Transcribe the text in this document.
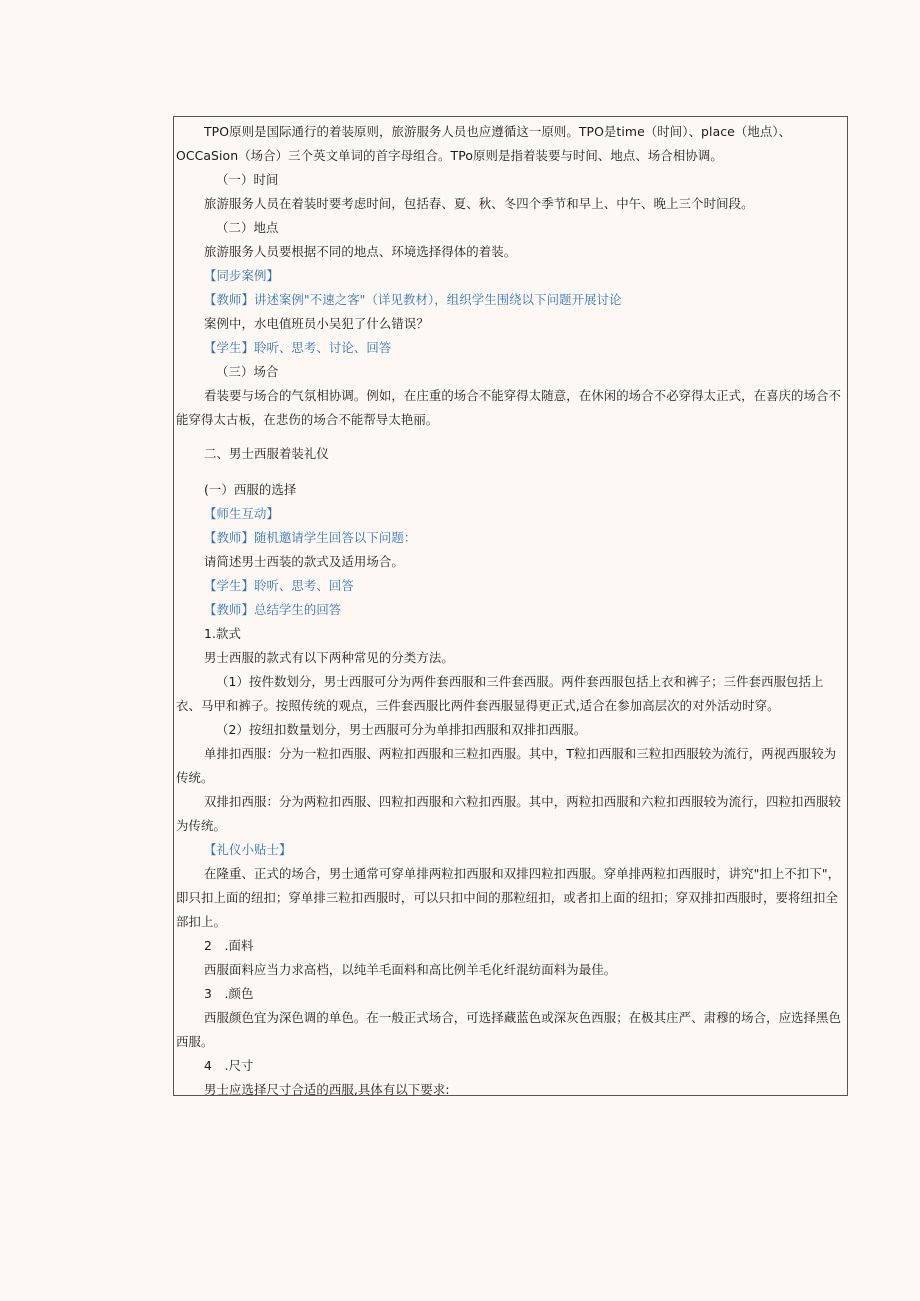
TPO原则是国际通行的着装原则，旅游服务人员也应遵循这一原则。TPO是time（时间）、place（地点）、OCCaSion（场合）三个英文单词的首字母组合。TPo原则是指着装要与时间、地点、场合相协调。

（一）时间

旅游服务人员在着装时要考虑时间，包括春、夏、秋、冬四个季节和早上、中午、晚上三个时间段。

（二）地点

旅游服务人员要根据不同的地点、环境选择得体的着装。

【同步案例】

【教师】讲述案例"不速之客"（详见教材），组织学生围绕以下问题开展讨论

案例中，水电值班员小吴犯了什么错误？

【学生】聆听、思考、讨论、回答

（三）场合

看装要与场合的气氛相协调。例如，在庄重的场合不能穿得太随意，在休闲的场合不必穿得太正式，在喜庆的场合不能穿得太古板，在悲伤的场合不能帮导太艳丽。

二、男士西服着装礼仪

(一）西服的选择

【师生互动】

【教师】随机邀请学生回答以下问题：

请简述男士西装的款式及适用场合。

【学生】聆听、思考、回答

【教师】总结学生的回答

1.款式

男士西服的款式有以下两种常见的分类方法。

（1）按件数划分，男士西服可分为两件套西服和三件套西服。两件套西服包括上衣和裤子；三件套西服包括上衣、马甲和裤子。按照传统的观点，三件套西服比两件套西服显得更正式,适合在参加高层次的对外活动时穿。

（2）按纽扣数量划分，男士西服可分为单排扣西服和双排扣西服。

单排扣西服：分为一粒扣西服、两粒扣西服和三粒扣西服。其中，T粒扣西服和三粒扣西服较为流行，两视西服较为传统。

双排扣西服：分为两粒扣西服、四粒扣西服和六粒扣西服。其中，两粒扣西服和六粒扣西服较为流行，四粒扣西服较为传统。

【礼仪小贴士】

在隆重、正式的场合，男士通常可穿单排两粒扣西服和双排四粒扣西服。穿单排两粒扣西服时，讲究"扣上不扣下"，即只扣上面的纽扣；穿单排三粒扣西服时，可以只扣中间的那粒纽扣，或者扣上面的纽扣；穿双排扣西服时，要将纽扣全部扣上。

2　.面料

西服面料应当力求高档，以纯羊毛面料和高比例羊毛化纤混纺面料为最佳。

3　.颜色

西服颜色宜为深色调的单色。在一般正式场合，可选择藏蓝色或深灰色西服；在极其庄严、肃穆的场合，应选择黑色西服。

4　.尺寸

男士应选择尺寸合适的西服,具体有以下要求:
